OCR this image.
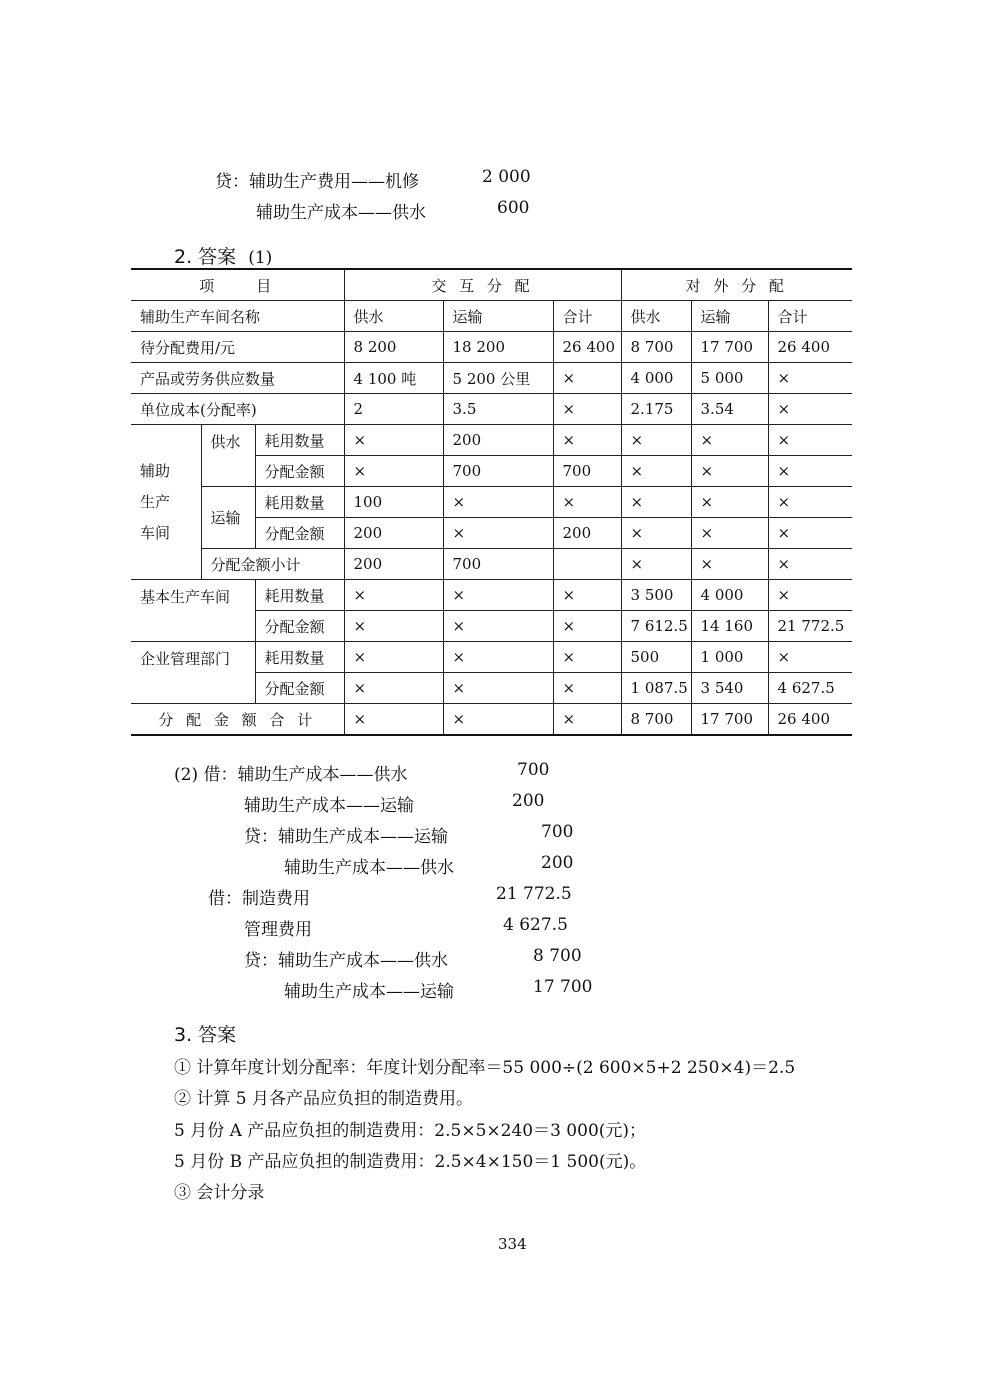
贷：辅助生产费用——机修	2 000
辅助生产成本——供水	600
2. 答案 (1)
项　　目			交 互 分 配			对 外 分 配		
辅助生产车间名称			供水	运输	合计	供水	运输	合计
待分配费用/元			8 200	18 200	26 400	8 700	17 700	26 400
产品或劳务供应数量			4 100 吨	5 200 公里	×	4 000	5 000	×
单位成本(分配率)			2	3.5	×	2.175	3.54	×
辅助
生产
车间	供水	耗用数量	×	200	×	×	×	×
		分配金额	×	700	700	×	×	×
	运输	耗用数量	100	×	×	×	×	×
		分配金额	200	×	200	×	×	×
	分配金额小计		200	700		×	×	×
基本生产车间		耗用数量	×	×	×	3 500	4 000	×
		分配金额	×	×	×	7 612.5	14 160	21 772.5
企业管理部门		耗用数量	×	×	×	500	1 000	×
		分配金额	×	×	×	1 087.5	3 540	4 627.5
分 配 金 额 合 计			×	×	×	8 700	17 700	26 400
(2) 借：辅助生产成本——供水	700
辅助生产成本——运输	200
贷：辅助生产成本——运输	700
辅助生产成本——供水	200
借：制造费用	21 772.5
管理费用	4 627.5
贷：辅助生产成本——供水	8 700
辅助生产成本——运输	17 700
3. 答案
① 计算年度计划分配率：年度计划分配率＝55 000÷(2 600×5+2 250×4)＝2.5
② 计算 5 月各产品应负担的制造费用。
5 月份 A 产品应负担的制造费用：2.5×5×240＝3 000(元)；
5 月份 B 产品应负担的制造费用：2.5×4×150＝1 500(元)。
③ 会计分录
334
